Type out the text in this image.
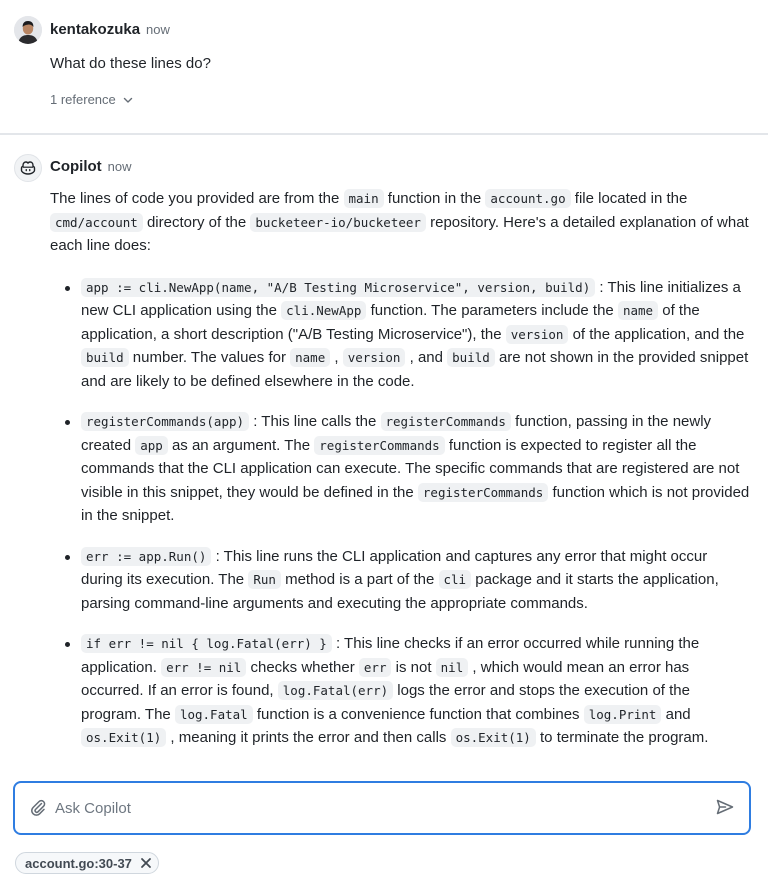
kentakozuka now
What do these lines do?
1 reference
Copilot now

The lines of code you provided are from the main function in the account.go file located in the cmd/account directory of the bucketeer-io/bucketeer repository. Here's a detailed explanation of what each line does:

app := cli.NewApp(name, "A/B Testing Microservice", version, build) : This line initializes a new CLI application using the cli.NewApp function. The parameters include the name of the application, a short description ("A/B Testing Microservice"), the version of the application, and the build number. The values for name , version , and build are not shown in the provided snippet and are likely to be defined elsewhere in the code.
registerCommands(app) : This line calls the registerCommands function, passing in the newly created app as an argument. The registerCommands function is expected to register all the commands that the CLI application can execute. The specific commands that are registered are not visible in this snippet, they would be defined in the registerCommands function which is not provided in the snippet.
err := app.Run() : This line runs the CLI application and captures any error that might occur during its execution. The Run method is a part of the cli package and it starts the application, parsing command-line arguments and executing the appropriate commands.
if err != nil { log.Fatal(err) } : This line checks if an error occurred while running the application. err != nil checks whether err is not nil , which would mean an error has occurred. If an error is found, log.Fatal(err) logs the error and stops the execution of the program. The log.Fatal function is a convenience function that combines log.Print and os.Exit(1) , meaning it prints the error and then calls os.Exit(1) to terminate the program.
Ask Copilot
account.go:30-37
